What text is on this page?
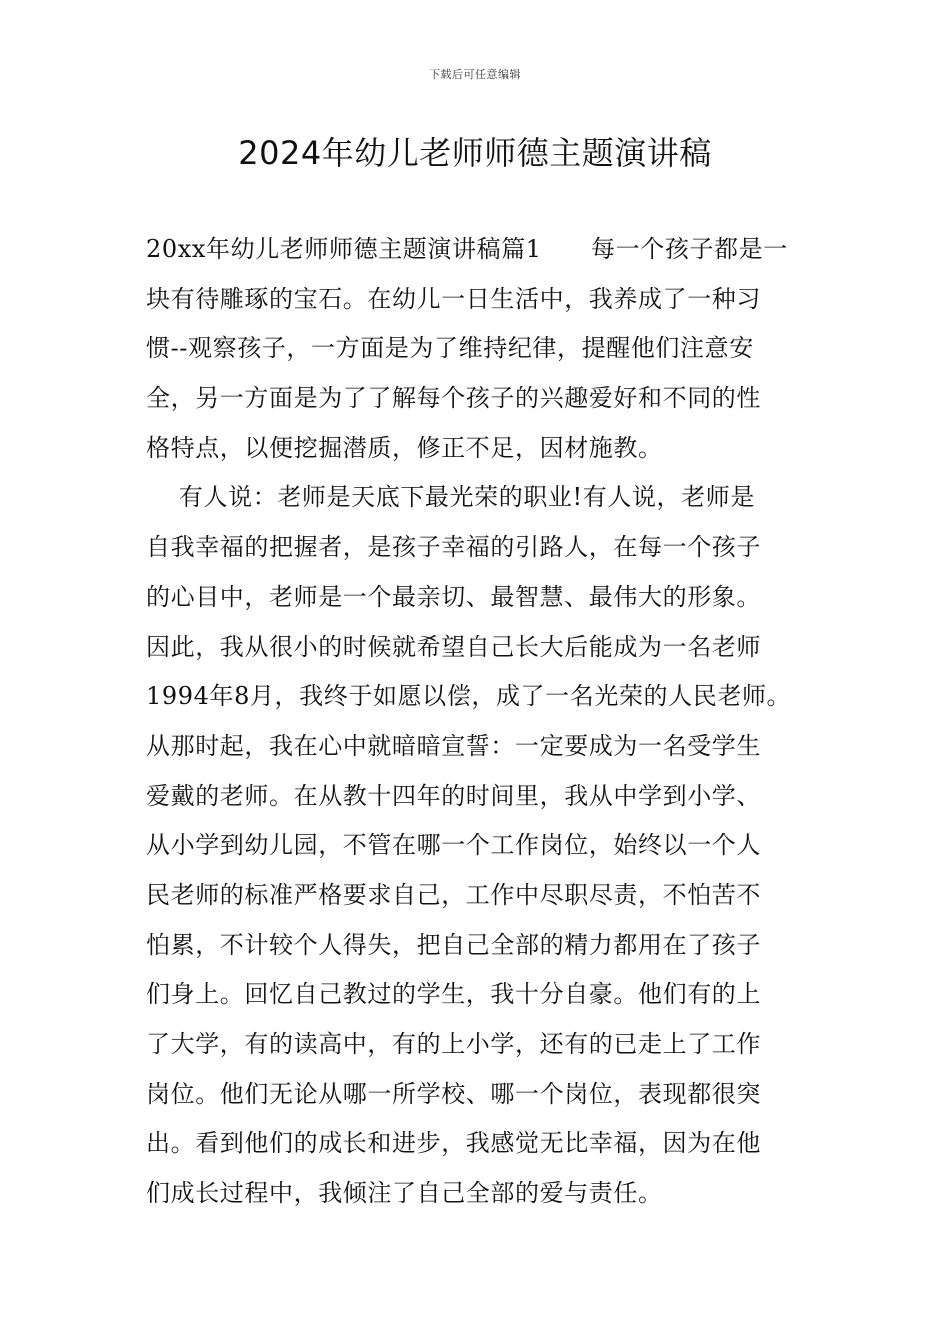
下载后可任意编辑
2024年幼儿老师师德主题演讲稿
20xx年幼儿老师师德主题演讲稿篇1      每一个孩子都是一
块有待雕琢的宝石。在幼儿一日生活中，我养成了一种习
惯--观察孩子，一方面是为了维持纪律，提醒他们注意安
全，另一方面是为了了解每个孩子的兴趣爱好和不同的性
格特点，以便挖掘潜质，修正不足，因材施教。
有人说：老师是天底下最光荣的职业!有人说，老师是
自我幸福的把握者，是孩子幸福的引路人，在每一个孩子
的心目中，老师是一个最亲切、最智慧、最伟大的形象。
因此，我从很小的时候就希望自己长大后能成为一名老师
1994年8月，我终于如愿以偿，成了一名光荣的人民老师。
从那时起，我在心中就暗暗宣誓：一定要成为一名受学生
爱戴的老师。在从教十四年的时间里，我从中学到小学、
从小学到幼儿园，不管在哪一个工作岗位，始终以一个人
民老师的标准严格要求自己，工作中尽职尽责，不怕苦不
怕累，不计较个人得失，把自己全部的精力都用在了孩子
们身上。回忆自己教过的学生，我十分自豪。他们有的上
了大学，有的读高中，有的上小学，还有的已走上了工作
岗位。他们无论从哪一所学校、哪一个岗位，表现都很突
出。看到他们的成长和进步，我感觉无比幸福，因为在他
们成长过程中，我倾注了自己全部的爱与责任。
